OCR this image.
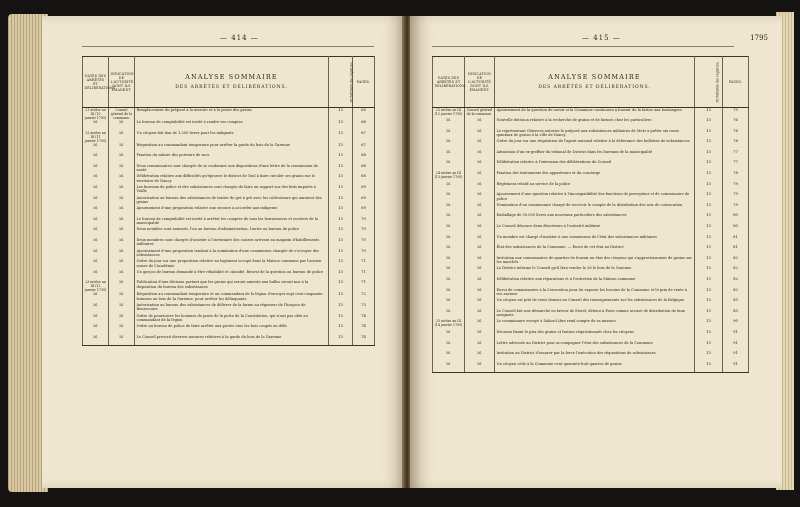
— 414 —
DATES DES ARRÊTÉS ET DÉLIBÉRATIONS.	INDICATION DE L'AUTORITÉ DONT ILS ÉMANENT.	ANALYSE SOMMAIRE
DES ARRÊTÉS ET DÉLIBÉRATIONS.	NUMÉROS des registres.	PAGES.
21 nivôse an III (10 janvier 1795)	Conseil général de la commune.	Remplacement du préposé à la mesure et à la pesée des grains	13	65
Id.	Id.	Le bureau de comptabilité est invité à rendre ses comptes	13	66
22 nivôse an III (11 janvier 1795)	Id.	Un citoyen fait don de 1,200 livres pour les indigents	13	67
Id.	Id.	Réquisition au commandant temporaire pour arrêter la garde du bois de la Garenne	13	67
Id.	Id.	Fixation du salaire des porteurs de sacs	13	68
Id.	Id.	Deux commissaires sont chargés de se conformer aux dispositions d'une lettre de la commission de santé	13	68
Id.	Id.	Délibération relative aux difficultés qu'éprouve le district de Toul à faire circuler ses grains sur le territoire de Nancy	13	68
Id.	Id.	Les bureaux de police et des subsistances sont chargés de faire un rapport sur des faits imputés à Vialle	13	69
Id.	Id.	Autorisation au bureau des subsistances de traiter de gré à gré avec les cultivateurs qui auraient des grains	13	69
Id.	Id.	Ajournement d'une proposition relative aux secours à accorder aux indigents	13	69
Id.	Id.	Le bureau de comptabilité est invité à arrêter les comptes de tous les fournisseurs et ouvriers de la municipalité	13	70
Id.	Id.	Deux notables sont nommés, l'un au bureau d'administration, l'autre au bureau de police	13	70
Id.	Id.	Deux membres sont chargés d'assister à l'inventaire des caisses arrivant au magasin d'habillements militaires	13	70
Id.	Id.	Ajournement d'une proposition tendant à la nomination d'une commission chargée de s'occuper des subsistances	13	70
Id.	Id.	Ordre du jour sur une proposition relative au logement occupé dans la Maison commune par l'ancien suisse de l'Académie	13	71
Id.	Id.	Un garçon de bureau demande à être réhabilité et classifié. Renvoi de la question au bureau de police	13	71
23 nivôse an III (12 janvier 1795)	Id.	Publication d'une décision portant que les grains qui seront amenés aux halles seront mis à la disposition du bureau des subsistances	13	71
Id.	Id.	Réquisition au commandant temporaire et au commandant de la légion d'envoyer sept cent cinquante hommes au bois de la Garenne, pour arrêter les délinquants	13	72
Id.	Id.	Autorisation au bureau des subsistances de délivrer de la farine au régisseur de l'hospice de Bonsecours	13	73
Id.	Id.	Ordre de poursuivre les hommes de poste de la porte de la Constitution, qui n'ont pas obéi au commandant de la légion	13	74
Id.	Id.	Ordre au bureau de police de faire arrêter aux portes tous les bois coupés en délit	13	74
Id.	Id.	Le Conseil prescrit diverses mesures relatives à la garde du bois de la Garenne	13	74
— 415 —	1795
DATES DES ARRÊTÉS ET DÉLIBÉRATIONS.	INDICATION DE L'AUTORITÉ DONT ILS ÉMANENT.	ANALYSE SOMMAIRE
DES ARRÊTÉS ET DÉLIBÉRATIONS.	NUMÉROS des registres.	PAGES.
23 nivôse an III (12 janvier 1795)	Conseil général de la commune.	Ajournement de la question de savoir si la Commune continuera à fournir de la farine aux boulangers	13	75
Id.	Id.	Nouvelle décision relative à la recherche de grains et de farines chez les particuliers	13	76
Id.	Id.	Le représentant Génevois autorise le préposé aux subsistances militaires de Metz à prêter six cents quintaux de grains à la ville de Nancy	13	76
Id.	Id.	Ordre du jour sur une réquisition de l'agent national relative à la délivrance des bulletins de subsistances	13	76
Id.	Id.	Admission d'un ex-greffier du tribunal de District dans les bureaux de la municipalité	13	77
Id.	Id.	Délibération relative à l'extension des délibérations du Conseil	13	77
24 nivôse an III (13 janvier 1795)	Id.	Fixation des traitements des appariteurs et du concierge	13	78
Id.	Id.	Règlement relatif au service de la police	13	79
Id.	Id.	Ajournement d'une question relative à l'incompatibilité des fonctions de percepteur et de commissaire de police	13	79
Id.	Id.	Nomination d'un commissaire chargé de recevoir le compte de la distribution des avis de convocation	13	79
Id.	Id.	Emballage de 50,000 livres aux nouveaux particuliers des subsistances	13	80
Id.	Id.	Le Conseil dénonce deux déserteurs à l'autorité militaire	13	80
Id.	Id.	Un membre est chargé d'assister à une commission de l'état des subsistances militaires	13	81
Id.	Id.	État des subsistances de la Commune. — Envoi de cet état au District	13	81
Id.	Id.	Invitation aux commissaires de quartier de fournir un état des citoyens qui s'approvisionnent de grains sur les marchés	13	82
Id.	Id.	Le District informe le Conseil qu'il fera vendre le 26 le bois de la Garenne	13	82
Id.	Id.	Délibération relative aux réparations et à l'entretien de la Maison commune	13	82
Id.	Id.	Envoi de commissaires à la Convention pour lui exposer les besoins de la Commune et le prix de vente à ses anciens	13	82
Id.	Id.	Un citoyen est prié de venir donner au Conseil des renseignements sur les subsistances de la Belgique	13	83
Id.	Id.	Le Conseil fait une démarche en faveur de Morel, détenu à Paris comme accusé de distribution de faux assignats	13	83
25 nivôse an III (14 janvier 1795)	Id.	Le commissaire envoyé à Saline-Libre rend compte de sa mission	13	90
Id.	Id.	Décision fixant le prix des grains et farines réquisitionnés chez les citoyens	13	91
Id.	Id.	Lettre adressée au District pour accompagner l'état des subsistances de la Commune	13	91
Id.	Id.	Invitation au District d'assurer par la force l'exécution des réquisitions de subsistances	13	91
Id.	Id.	Un citoyen cède à la Commune cent quarante-huit quartes de grains	13	91
